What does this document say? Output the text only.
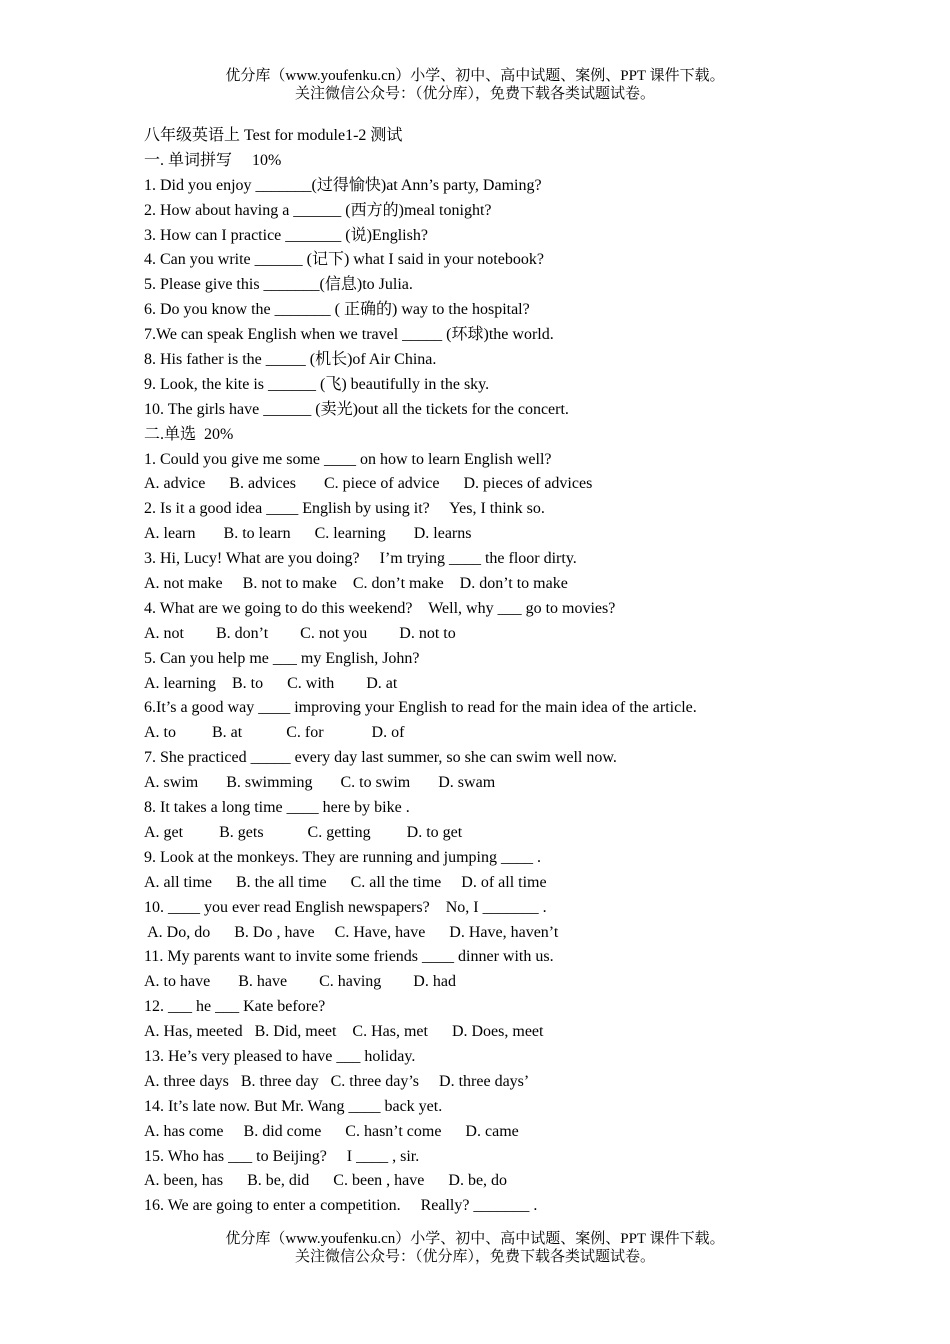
优分库（www.youfenku.cn）小学、初中、高中试题、案例、PPT 课件下载。
关注微信公众号：（优分库），免费下载各类试题试卷。
八年级英语上 Test for module1-2 测试
一. 单词拼写     10%
1. Did you enjoy _______(过得愉快)at Ann’s party, Daming?
2. How about having a ______ (西方的)meal tonight?
3. How can I practice _______ (说)English?
4. Can you write ______ (记下) what I said in your notebook?
5. Please give this _______(信息)to Julia.
6. Do you know the _______ ( 正确的) way to the hospital?
7.We can speak English when we travel _____ (环球)the world.
8. His father is the _____ (机长)of Air China.
9. Look, the kite is ______ (飞) beautifully in the sky.
10. The girls have ______ (卖光)out all the tickets for the concert.
二.单选  20%
1. Could you give me some ____ on how to learn English well?
A. advice      B. advices       C. piece of advice      D. pieces of advices
2. Is it a good idea ____ English by using it?     Yes, I think so.
A. learn       B. to learn      C. learning       D. learns
3. Hi, Lucy! What are you doing?     I’m trying ____ the floor dirty.
A. not make     B. not to make    C. don’t make    D. don’t to make
4. What are we going to do this weekend?    Well, why ___ go to movies?
A. not        B. don’t        C. not you        D. not to
5. Can you help me ___ my English, John?
A. learning    B. to      C. with        D. at
6.It’s a good way ____ improving your English to read for the main idea of the article.
A. to         B. at           C. for            D. of
7. She practiced _____ every day last summer, so she can swim well now.
A. swim       B. swimming       C. to swim       D. swam
8. It takes a long time ____ here by bike .
A. get         B. gets           C. getting         D. to get
9. Look at the monkeys. They are running and jumping ____ .
A. all time      B. the all time      C. all the time     D. of all time
10. ____ you ever read English newspapers?    No, I _______ .
A. Do, do      B. Do , have     C. Have, have      D. Have, haven’t
11. My parents want to invite some friends ____ dinner with us.
A. to have       B. have        C. having        D. had
12. ___ he ___ Kate before?
A. Has, meeted   B. Did, meet    C. Has, met      D. Does, meet
13. He’s very pleased to have ___ holiday.
A. three days   B. three day   C. three day’s     D. three days’
14. It’s late now. But Mr. Wang ____ back yet.
A. has come     B. did come      C. hasn’t come      D. came
15. Who has ___ to Beijing?     I ____ , sir.
A. been, has      B. be, did      C. been , have      D. be, do
16. We are going to enter a competition.     Really? _______ .
优分库（www.youfenku.cn）小学、初中、高中试题、案例、PPT 课件下载。
关注微信公众号：（优分库），免费下载各类试题试卷。
